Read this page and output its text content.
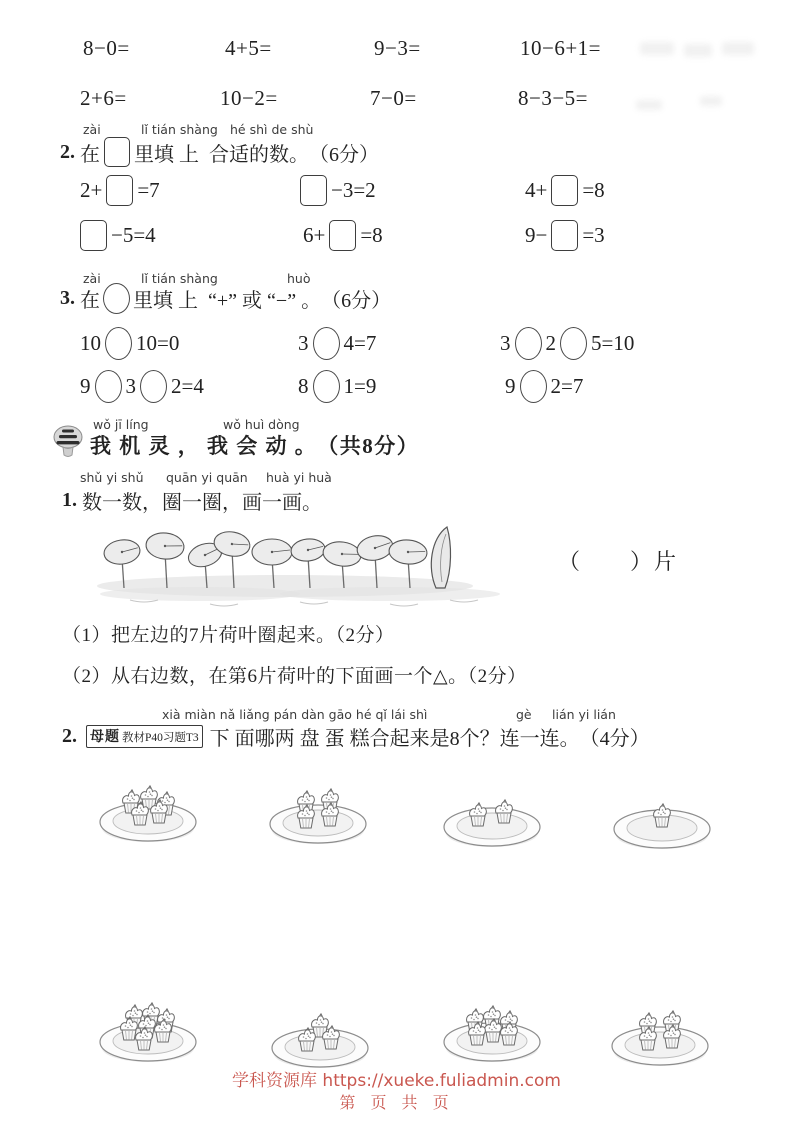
2. 在 里填 上  合适的数。 （6分）
3. 在 里填 上  “+” 或 “−” 。 （6分）
我 机 灵 ， 我 会 动 。 （共8分）
1. 数一数，圈一圈，画一画。
（　　）片
（1）把左边的7片荷叶圈起来。（2分）
（2）从右边数，在第6片荷叶的下面画一个△。（2分）
2. 母题 教材P40习题T3 下 面哪两 盘 蛋 糕合起来是8个？连一连。 （4分）
学科资源库 https://xueke.fuliadmin.com
第 页 共 页
8−0=	4+5=	9−3=	10−6+1=
2+6=	10−2=	7−0=	8−3−5=
2+ =7	−3=2	4+ =8
−5=4	6+ =8	9− =3
10 10=0	3 4=7	3 2 5=10
9 3 2=4	8 1=9	9 2=7
zài	lǐ tián shàng hé shì de shù
zài	lǐ tián shàng	huò
wǒ jī líng	wǒ huì dòng
shǔ yi shǔ quān yi quān huà yi huà
xià miàn nǎ liǎng pán dàn gāo hé qǐ lái shì	gè lián yi lián
